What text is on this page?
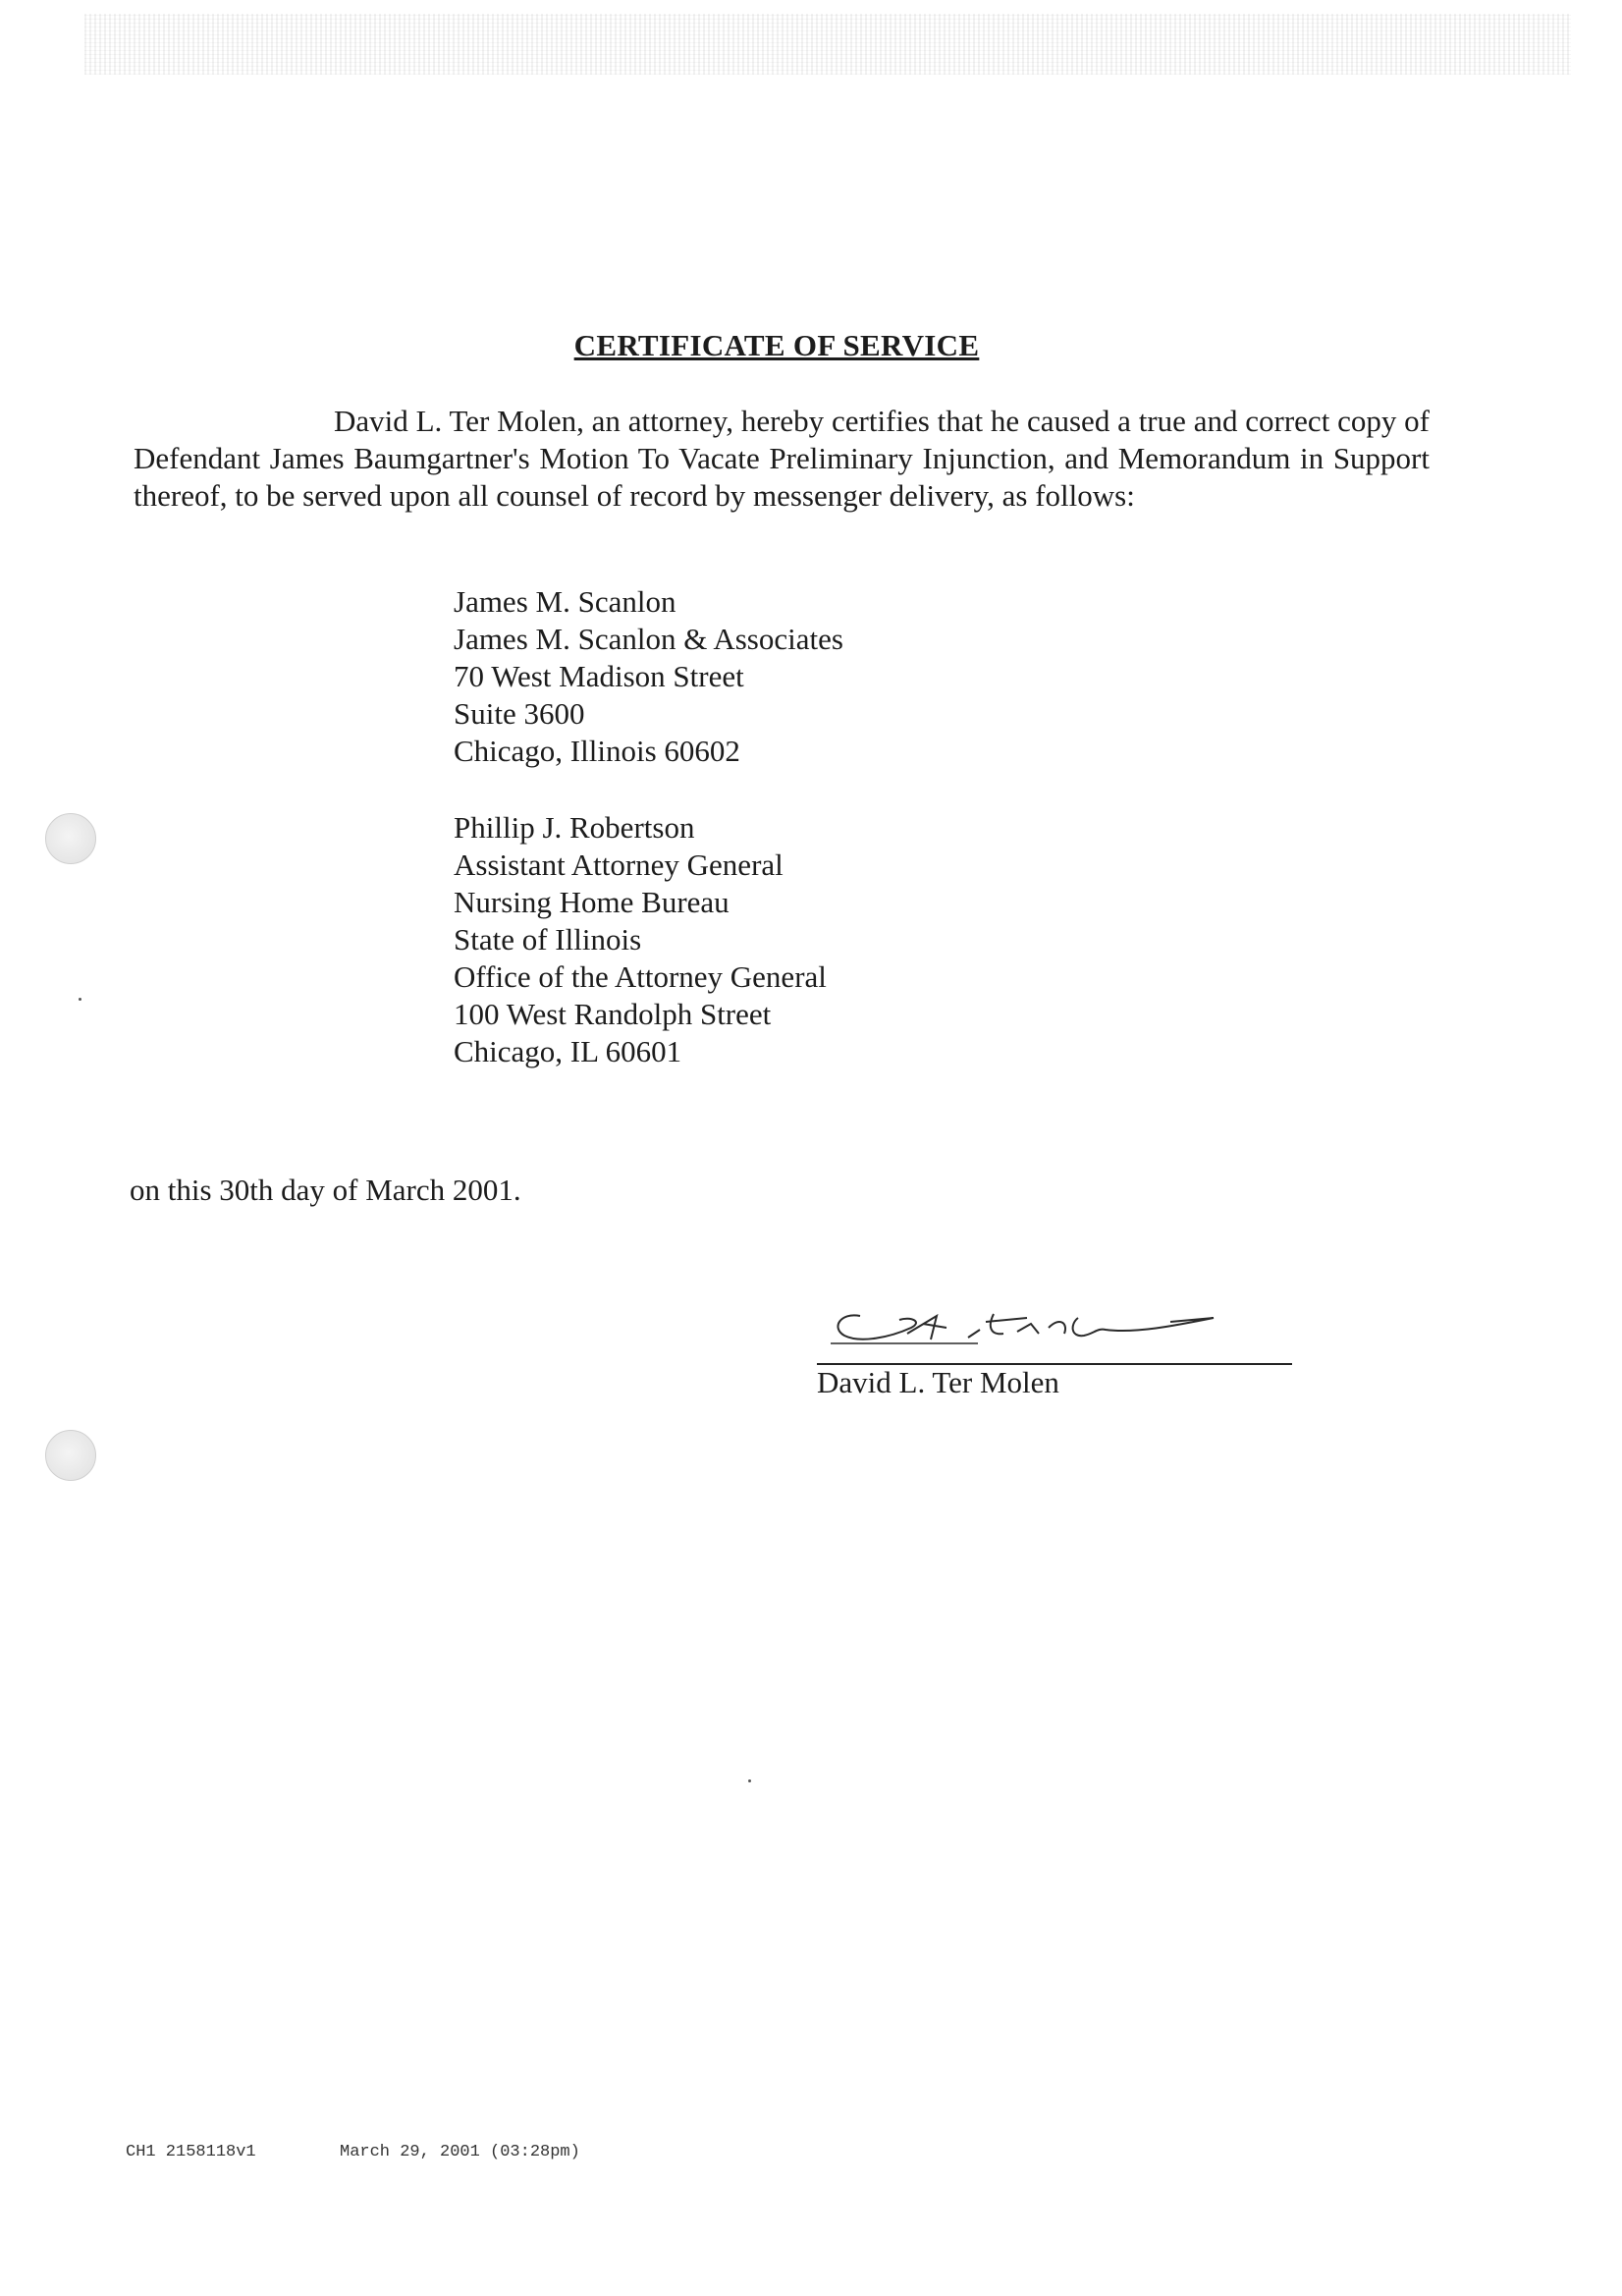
CERTIFICATE OF SERVICE
David L. Ter Molen, an attorney, hereby certifies that he caused a true and correct copy of Defendant James Baumgartner's Motion To Vacate Preliminary Injunction, and Memorandum in Support thereof, to be served upon all counsel of record by messenger delivery, as follows:
James M. Scanlon
James M. Scanlon & Associates
70 West Madison Street
Suite 3600
Chicago, Illinois 60602
Phillip J. Robertson
Assistant Attorney General
Nursing Home Bureau
State of Illinois
Office of the Attorney General
100 West Randolph Street
Chicago, IL 60601
on this 30th day of March 2001.
David L. Ter Molen
CH1 2158118v1	March 29, 2001 (03:28pm)
